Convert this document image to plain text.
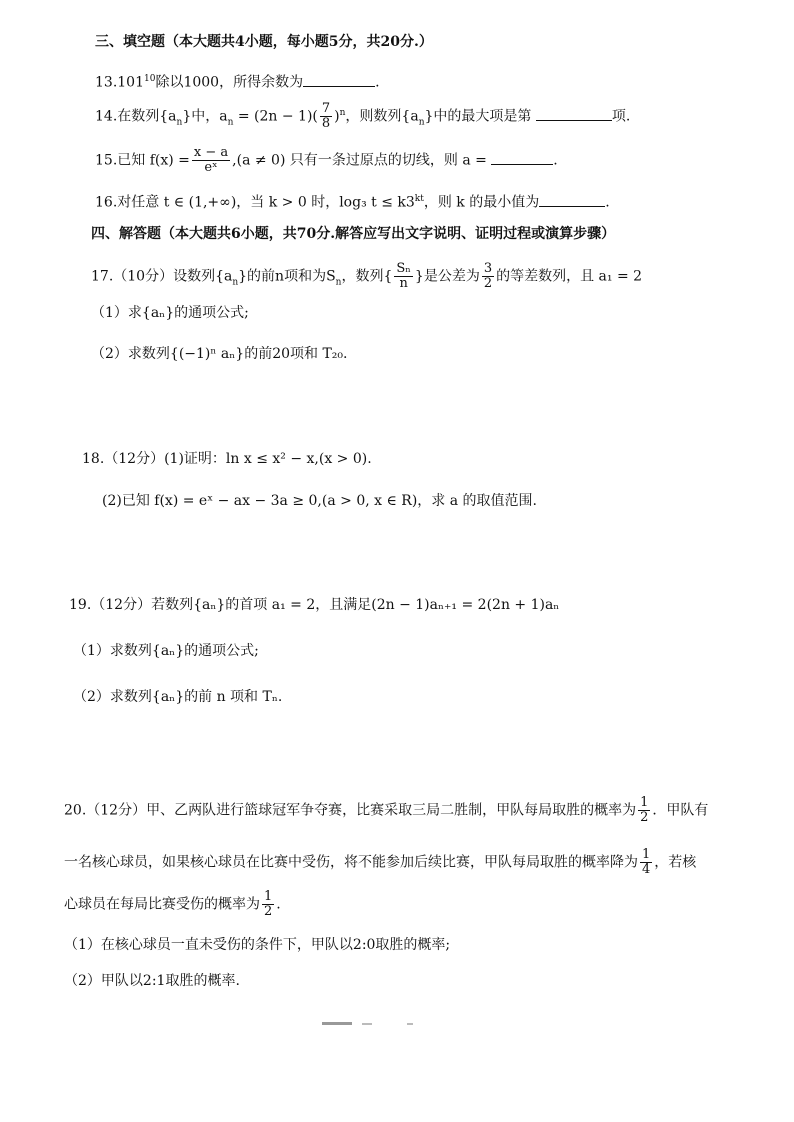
三、填空题（本大题共4小题，每小题5分，共20分.）
13.101$^{10}$除以1000，所得余数为	.
14.在数列$\{a_n\}$中，$a_n = (2n - 1)( \frac{7}{8} )^n$，则数列$\{a_n\}$中的最大项是第	项.
15.已知 $f(x) = \frac{x - a}{\text{eˣ}} ,(a \ne 0)$ 只有一条过原点的切线，则 a =	.
16.对任意 t ∈ (1,+∞)，当 k > 0 时，log₃ $t \le k3^{kt}$，则 k 的最小值为	.
四、解答题（本大题共6小题，共70分.解答应写出文字说明、证明过程或演算步骤）
17.（10分）设数列$\{a_n\}$的前n项和为$S_n$，数列{ $\frac{\text{Sₙ}}{n}$ }是公差为 $\frac{3}{2}$ 的等差数列，且 a₁ = 2
（1）求{aₙ}的通项公式;
（2）求数列{(−1)ⁿ aₙ}的前20项和 T₂₀.
18.（12分）(1)证明：ln x ≤ x² − x,(x > 0).
(2)已知 f(x) = eˣ − ax − 3a ≥ 0,(a > 0, x ∈ R)，求 a 的取值范围.
19.（12分）若数列{aₙ}的首项 a₁ = 2，且满足(2n − 1)aₙ₊₁ = 2(2n + 1)aₙ
（1）求数列{aₙ}的通项公式;
（2）求数列{aₙ}的前 n 项和 Tₙ.
20.（12分）甲、乙两队进行篮球冠军争夺赛，比赛采取三局二胜制，甲队每局取胜的概率为 $\frac{1}{2}$ ．甲队有
一名核心球员，如果核心球员在比赛中受伤，将不能参加后续比赛，甲队每局取胜的概率降为 $\frac{1}{4}$ ，若核
心球员在每局比赛受伤的概率为 $\frac{1}{2}$ .
（1）在核心球员一直未受伤的条件下，甲队以2:0取胜的概率;
（2）甲队以2:1取胜的概率.
